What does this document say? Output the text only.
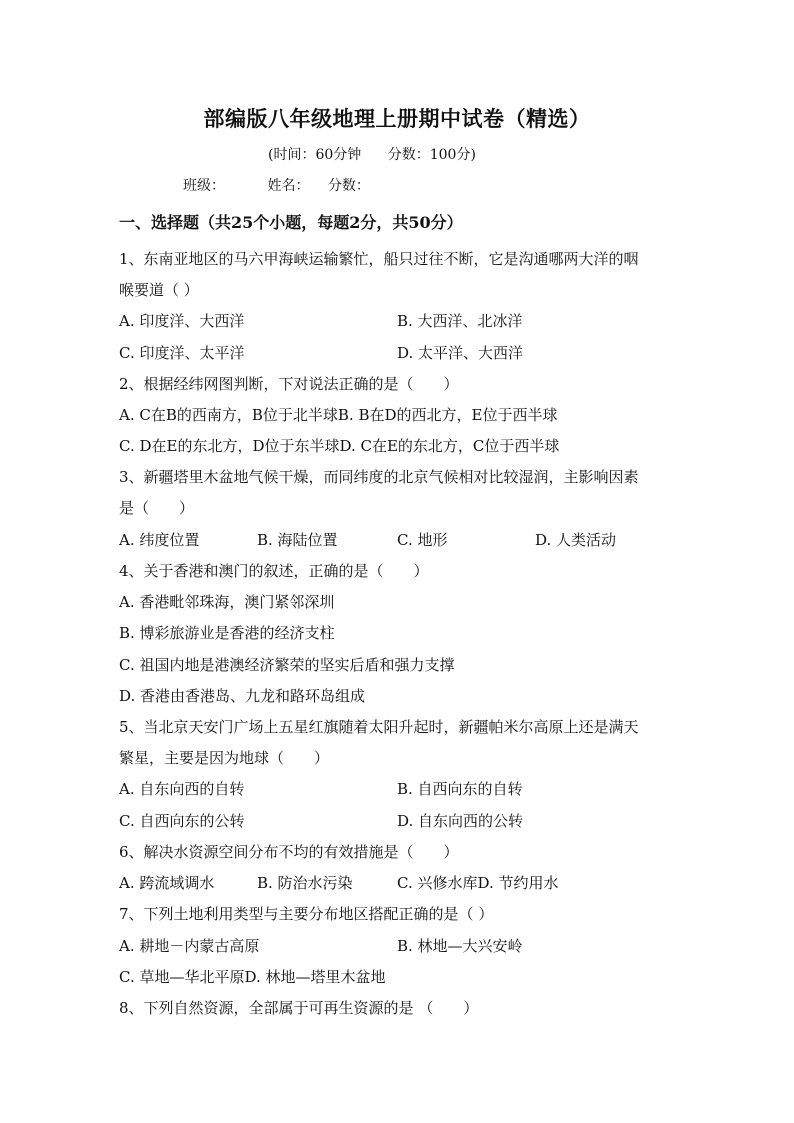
部编版八年级地理上册期中试卷（精选）
(时间：60分钟 分数：100分)
班级：	姓名： 分数：
一、选择题（共25个小题，每题2分，共50分）
1、东南亚地区的马六甲海峡运输繁忙，船只过往不断，它是沟通哪两大洋的咽
喉要道（ ）
A. 印度洋、大西洋	B. 大西洋、北冰洋
C. 印度洋、太平洋	D. 太平洋、大西洋
2、根据经纬网图判断，下对说法正确的是（　　）
A. C在B的西南方，B位于北半球B. B在D的西北方，E位于西半球
C. D在E的东北方，D位于东半球D. C在E的东北方，C位于西半球
3、新疆塔里木盆地气候干燥，而同纬度的北京气候相对比较湿润，主影响因素
是（　　）
A. 纬度位置	B. 海陆位置	C. 地形	D. 人类活动
4、关于香港和澳门的叙述，正确的是（　　）
A. 香港毗邻珠海，澳门紧邻深圳
B. 博彩旅游业是香港的经济支柱
C. 祖国内地是港澳经济繁荣的坚实后盾和强力支撑
D. 香港由香港岛、九龙和路环岛组成
5、当北京天安门广场上五星红旗随着太阳升起时，新疆帕米尔高原上还是满天
繁星，主要是因为地球（　　）
A. 自东向西的自转	B. 自西向东的自转
C. 自西向东的公转	D. 自东向西的公转
6、解决水资源空间分布不均的有效措施是（　　）
A. 跨流域调水	B. 防治水污染	C. 兴修水库D. 节约用水
7、下列土地利用类型与主要分布地区搭配正确的是（ ）
A. 耕地－内蒙古高原	B. 林地—大兴安岭
C. 草地—华北平原D. 林地—塔里木盆地
8、下列自然资源，全部属于可再生资源的是 （　　）
